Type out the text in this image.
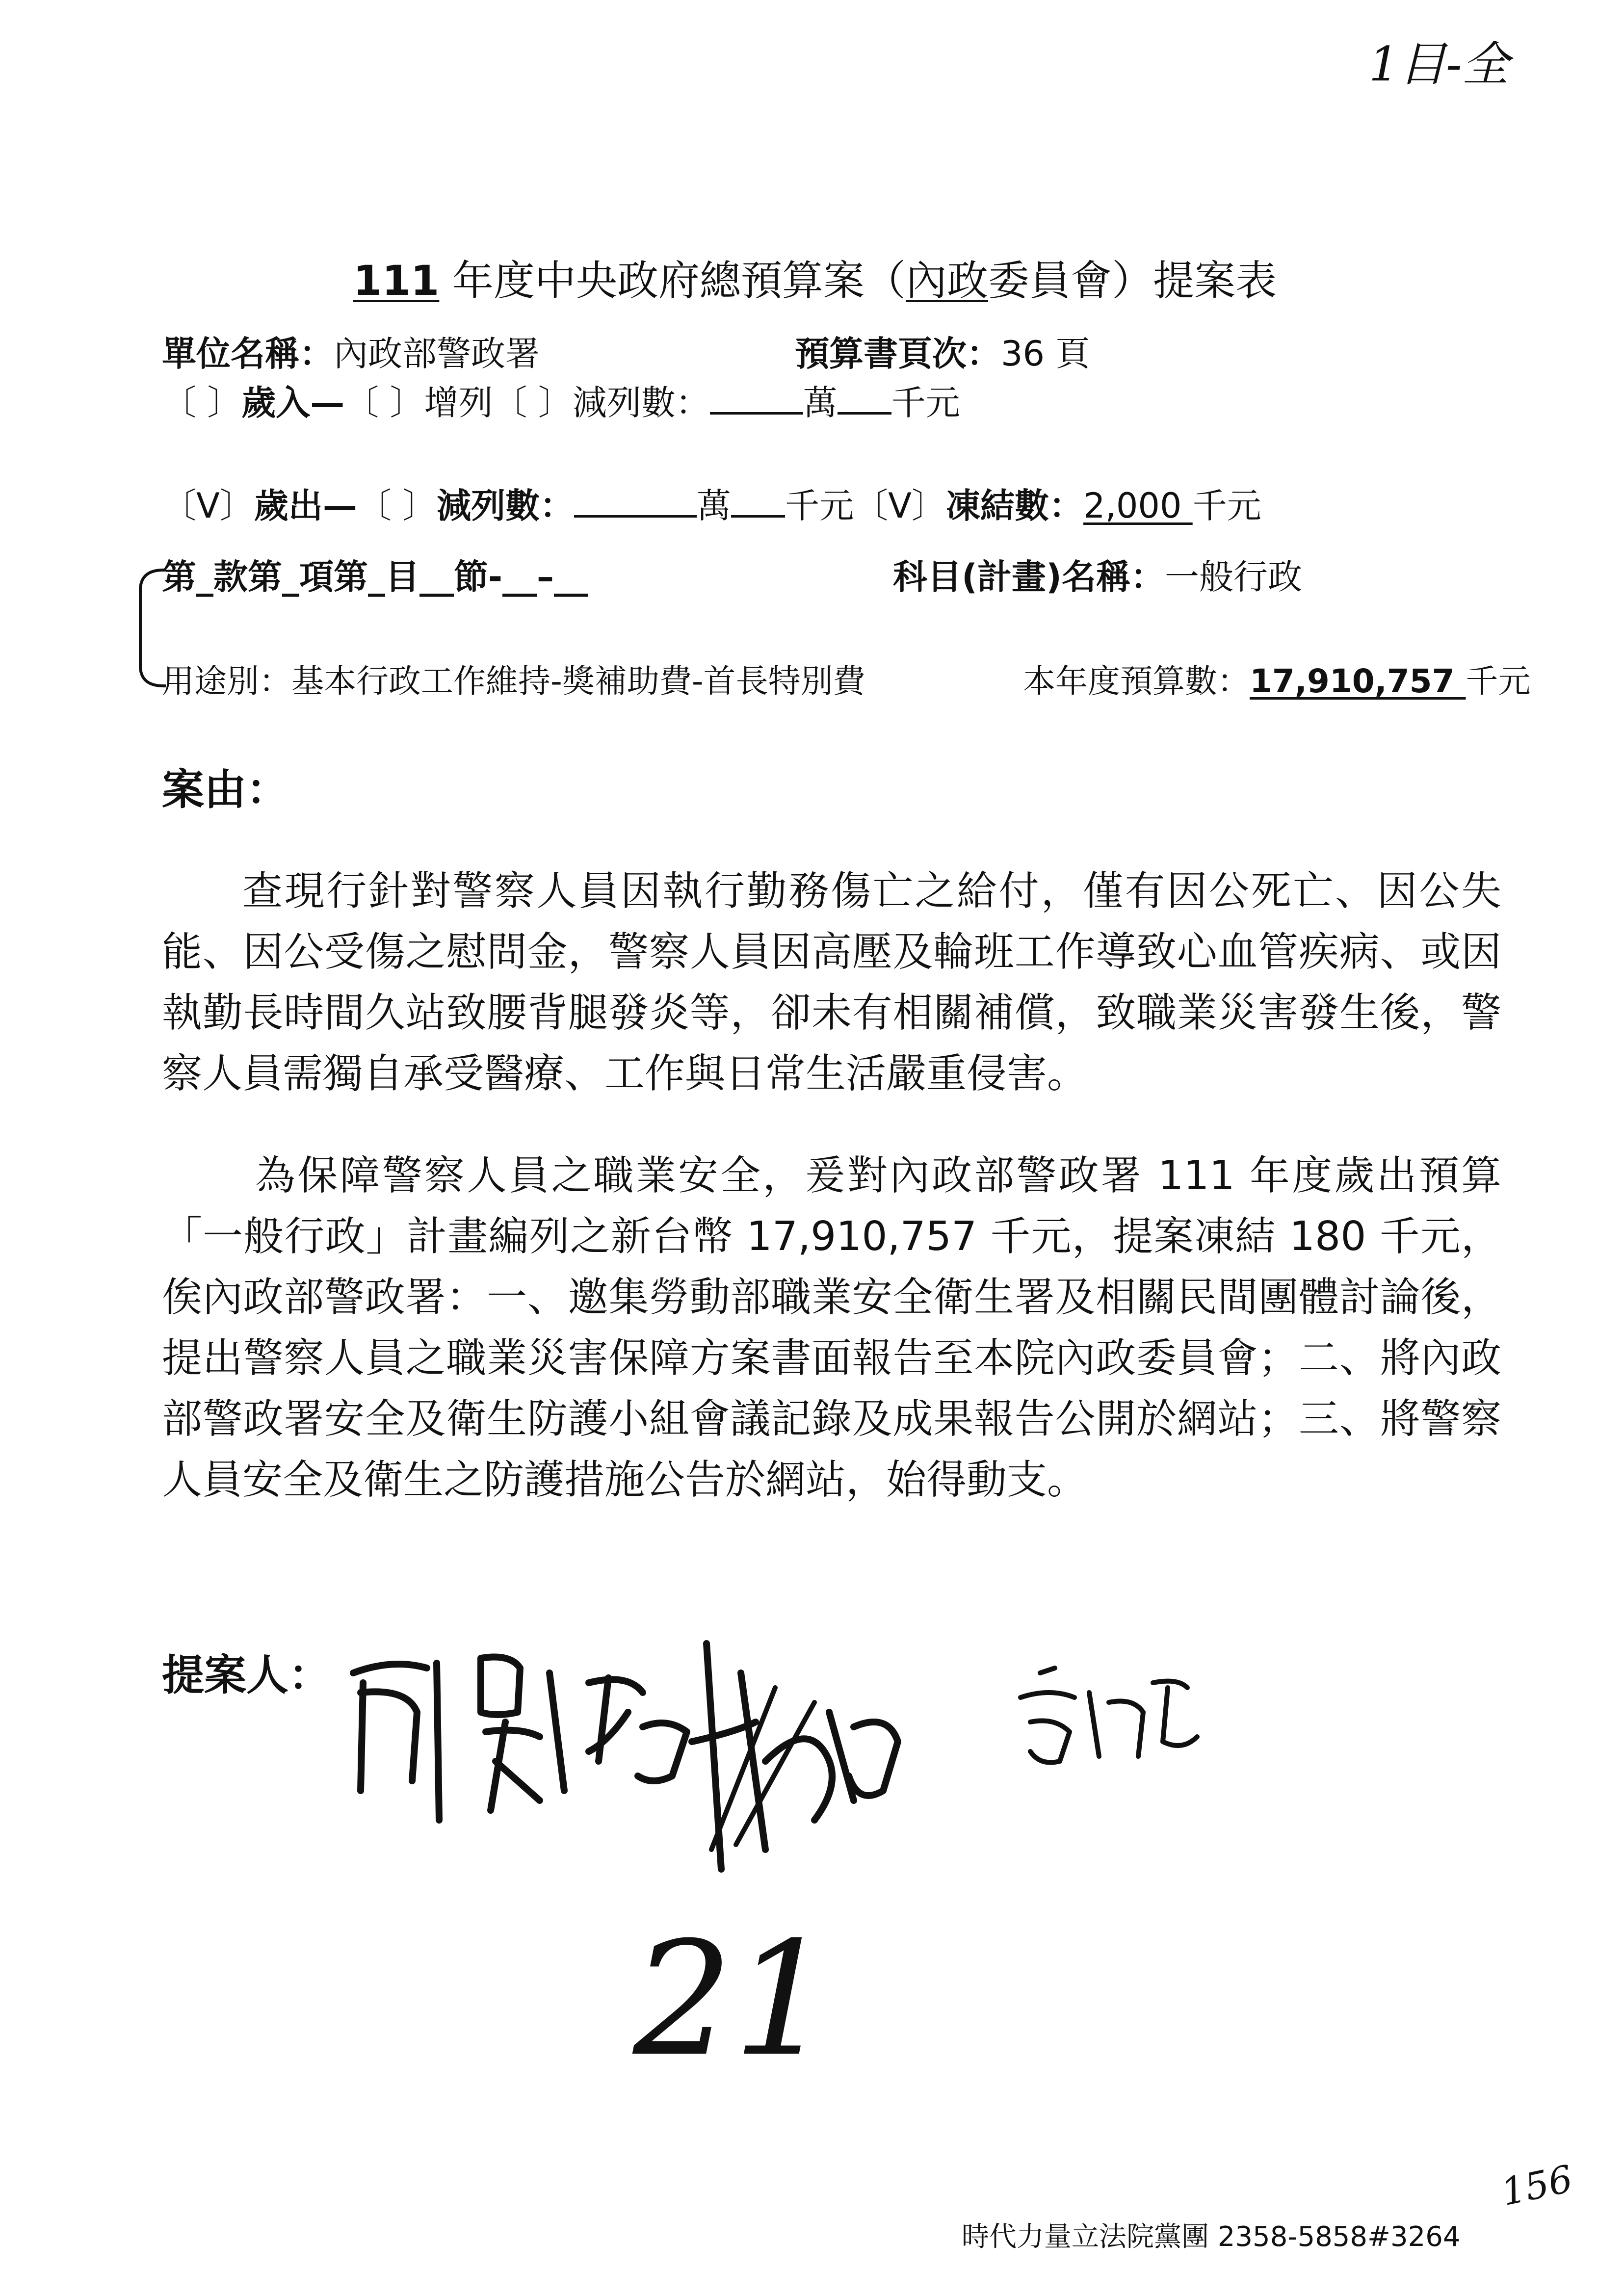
1目-全
111 年度中央政府總預算案（內政委員會）提案表
單位名稱：內政部警政署	預算書頁次：36 頁
〔 〕歲入—〔 〕增列〔 〕減列數：	萬 千元
〔V〕歲出—〔 〕減列數：	萬 千元〔V〕凍結數：2,000 千元
第_款第_項第_目__節-__–__	科目(計畫)名稱：一般行政
用途別：基本行政工作維持-獎補助費-首長特別費	本年度預算數：17,910,757 千元
案由：
查現行針對警察人員因執行勤務傷亡之給付，僅有因公死亡、因公失能、因公受傷之慰問金，警察人員因高壓及輪班工作導致心血管疾病、或因執勤長時間久站致腰背腿發炎等，卻未有相關補償，致職業災害發生後，警察人員需獨自承受醫療、工作與日常生活嚴重侵害。
為保障警察人員之職業安全，爰對內政部警政署 111 年度歲出預算「一般行政」計畫編列之新台幣 17,910,757 千元，提案凍結 180 千元，俟內政部警政署：一、邀集勞動部職業安全衛生署及相關民間團體討論後，提出警察人員之職業災害保障方案書面報告至本院內政委員會；二、將內政部警政署安全及衛生防護小組會議記錄及成果報告公開於網站；三、將警察人員安全及衛生之防護措施公告於網站，始得動支。
提案人：
21
156
時代力量立法院黨團 2358-5858#3264
